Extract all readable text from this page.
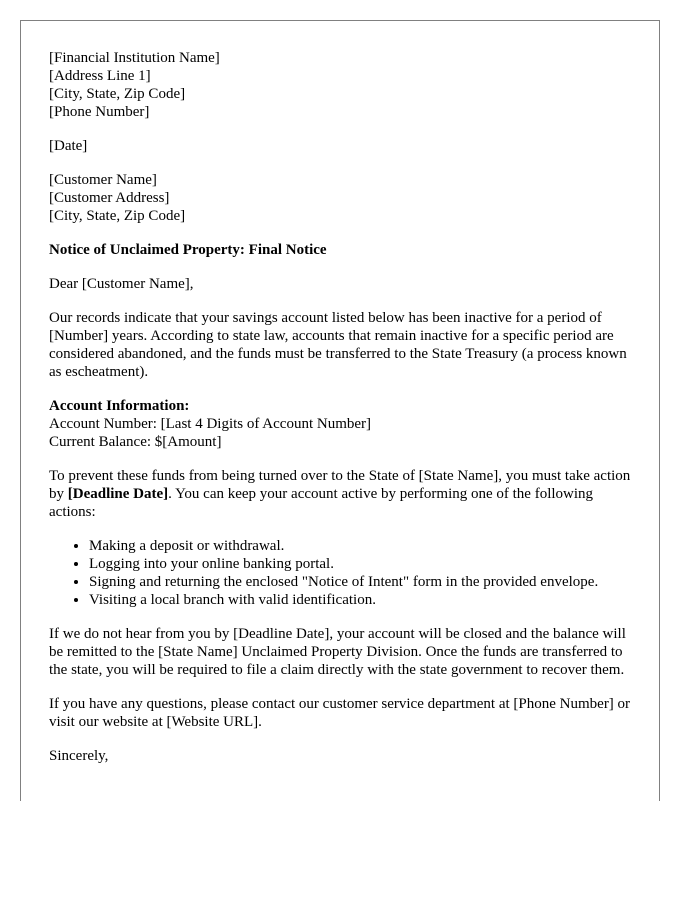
[Financial Institution Name]
[Address Line 1]
[City, State, Zip Code]
[Phone Number]
[Date]
[Customer Name]
[Customer Address]
[City, State, Zip Code]
Notice of Unclaimed Property: Final Notice

Dear [Customer Name],

Our records indicate that your savings account listed below has been inactive for a period of [Number] years. According to state law, accounts that remain inactive for a specific period are considered abandoned, and the funds must be transferred to the State Treasury (a process known as escheatment).

Account Information:
Account Number: [Last 4 Digits of Account Number]
Current Balance: $[Amount]

To prevent these funds from being turned over to the State of [State Name], you must take action by [Deadline Date]. You can keep your account active by performing one of the following actions:

• Making a deposit or withdrawal.
• Logging into your online banking portal.
• Signing and returning the enclosed "Notice of Intent" form in the provided envelope.
• Visiting a local branch with valid identification.

If we do not hear from you by [Deadline Date], your account will be closed and the balance will be remitted to the [State Name] Unclaimed Property Division. Once the funds are transferred to the state, you will be required to file a claim directly with the state government to recover them.

If you have any questions, please contact our customer service department at [Phone Number] or visit our website at [Website URL].

Sincerely,
